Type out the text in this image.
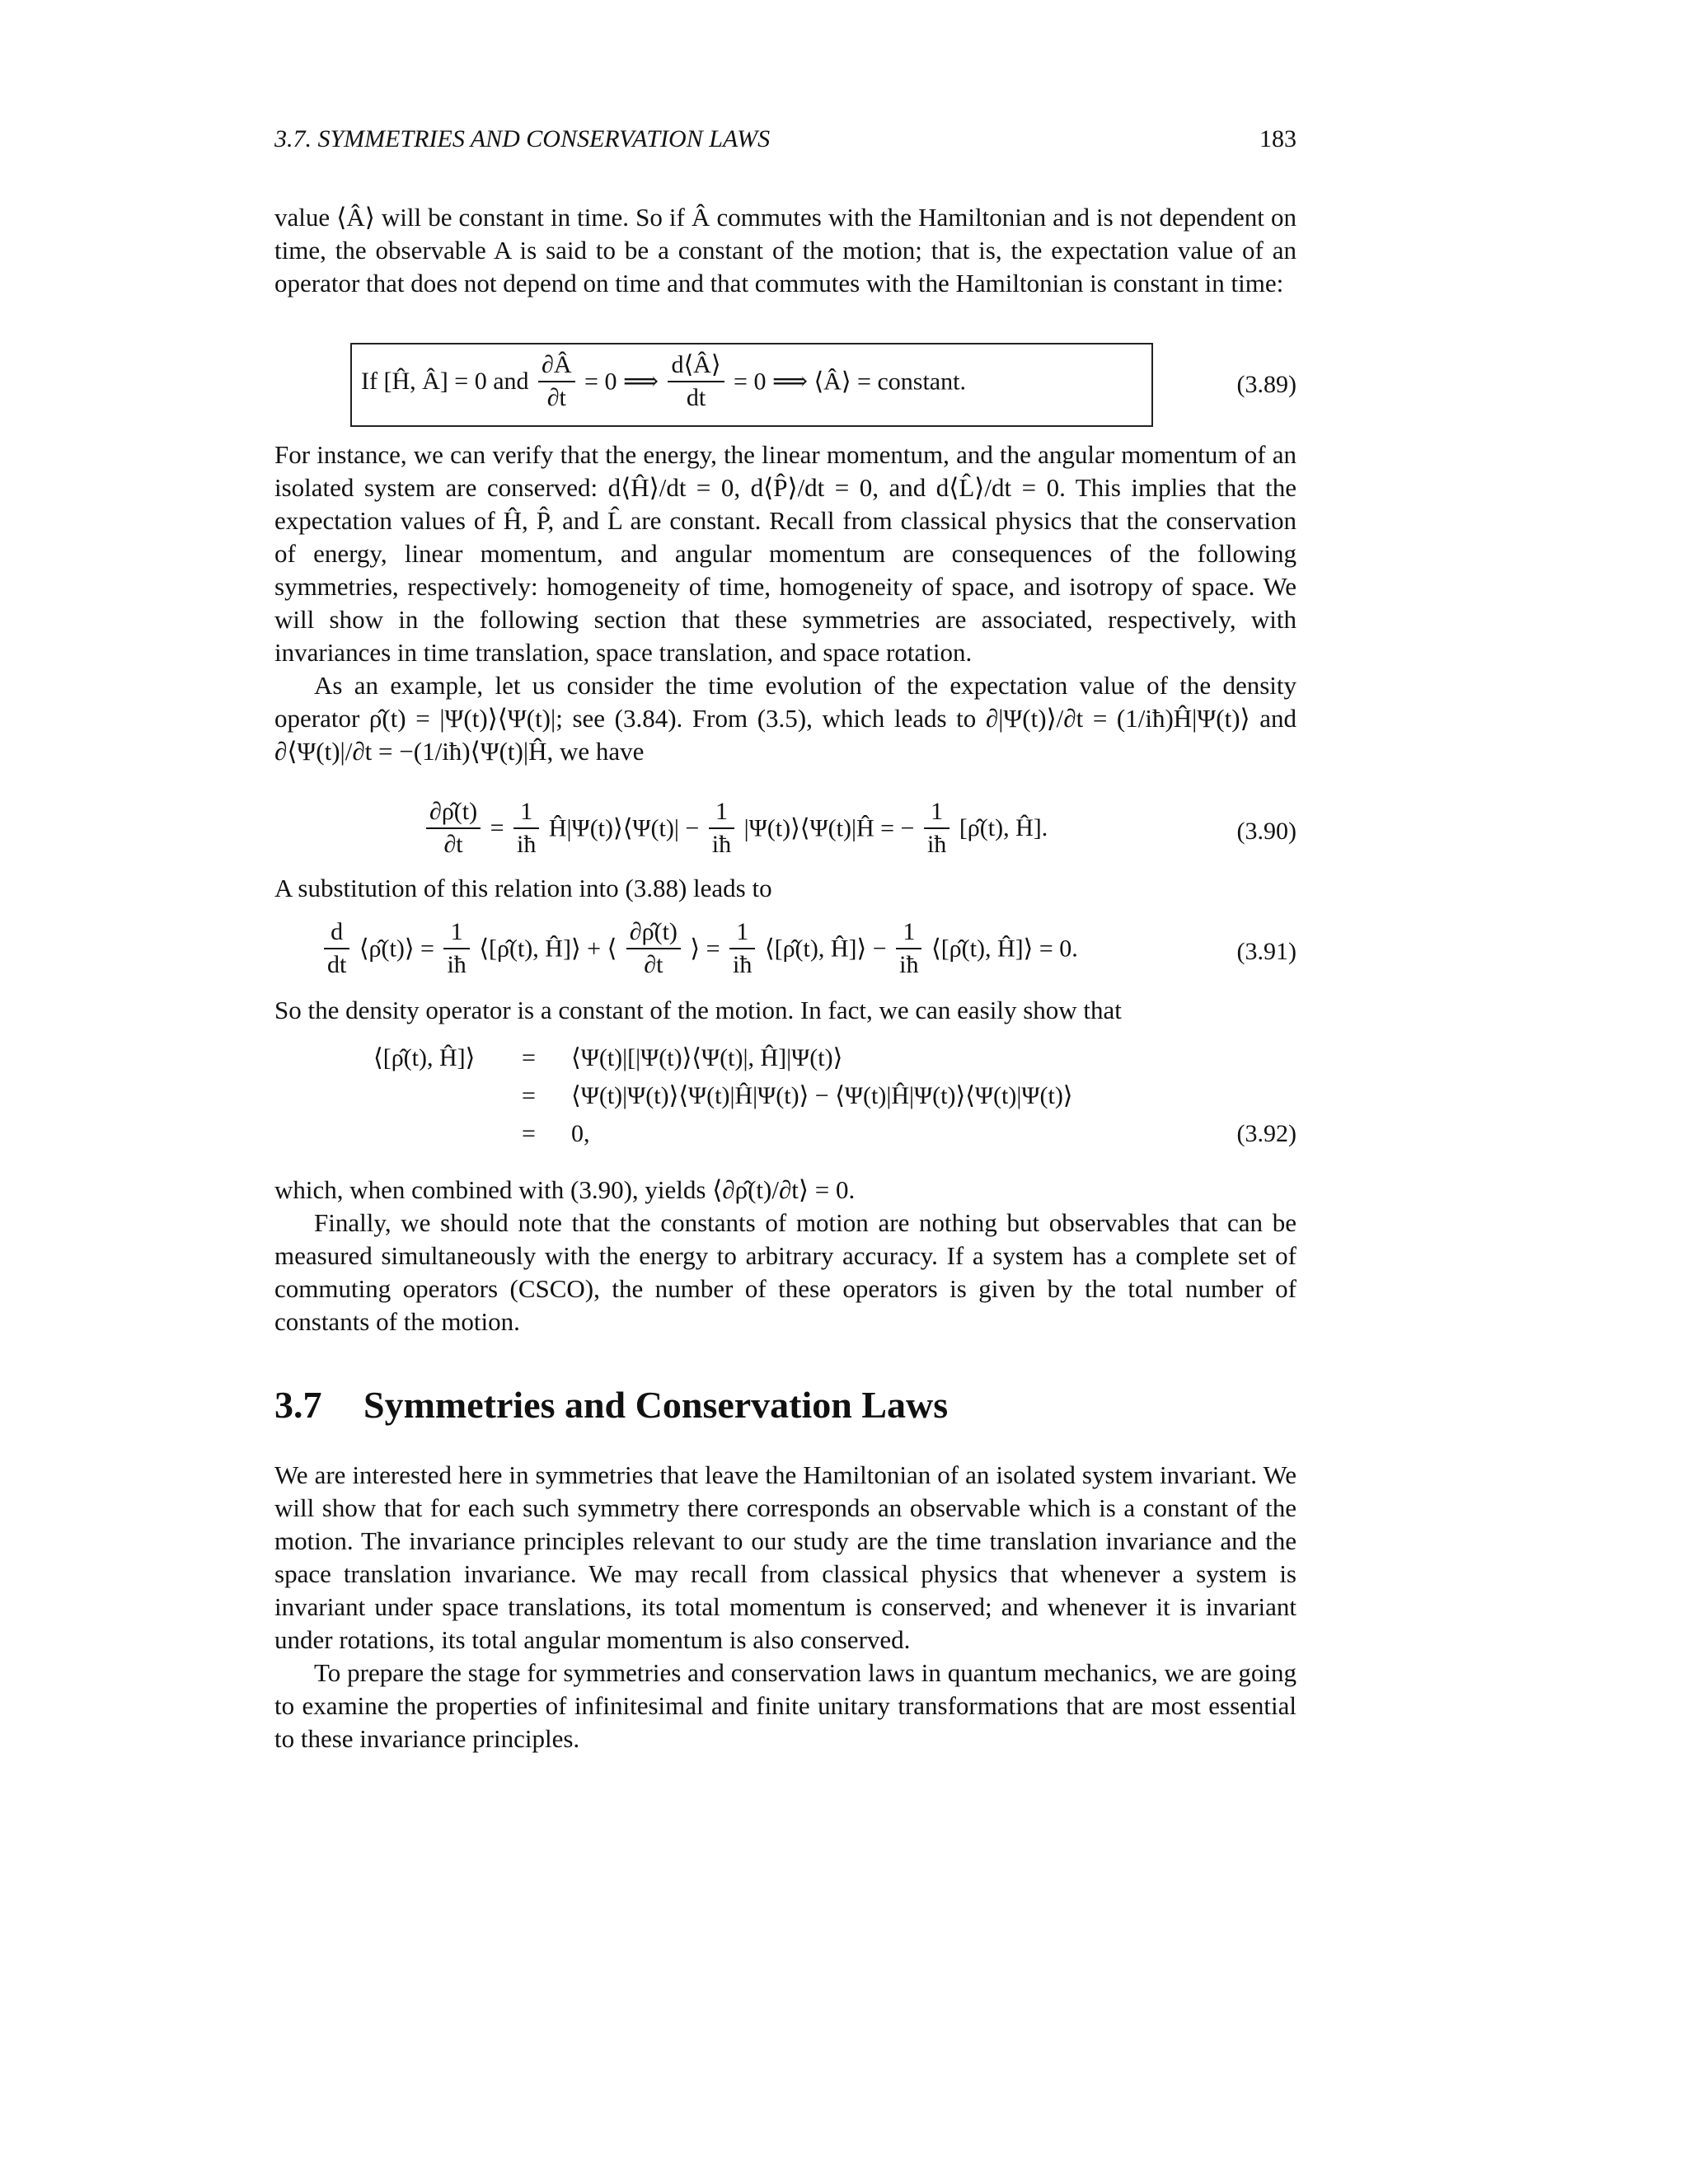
3.7. SYMMETRIES AND CONSERVATION LAWS	183

value ⟨Â⟩ will be constant in time. So if Â commutes with the Hamiltonian and is not dependent on time, the observable A is said to be a constant of the motion; that is, the expectation value of an operator that does not depend on time and that commutes with the Hamiltonian is constant in time:

If [Ĥ, Â] = 0 and $\frac{\partial Â}{\partial t} = 0$ ⟹ $\frac{d⟨Â⟩}{dt} = 0$ ⟹ ⟨Â⟩ = constant.	(3.89)

For instance, we can verify that the energy, the linear momentum, and the angular momentum of an isolated system are conserved: d⟨Ĥ⟩/dt = 0, d⟨P̂⟩/dt = 0, and d⟨L̂⟩/dt = 0. This implies that the expectation values of Ĥ, P̂, and L̂ are constant. Recall from classical physics that the conservation of energy, linear momentum, and angular momentum are consequences of the following symmetries, respectively: homogeneity of time, homogeneity of space, and isotropy of space. We will show in the following section that these symmetries are associated, respectively, with invariances in time translation, space translation, and space rotation.

As an example, let us consider the time evolution of the expectation value of the density operator ρ̂(t) = |Ψ(t)⟩⟨Ψ(t)|; see (3.84). From (3.5), which leads to ∂|Ψ(t)⟩/∂t = (1/iħ)Ĥ|Ψ(t)⟩ and ∂⟨Ψ(t)|/∂t = −(1/iħ)⟨Ψ(t)|Ĥ, we have

$\frac{\partial\rhô(t)}{\partial t} = \frac{1}{iħ}$ Ĥ|Ψ(t)⟩⟨Ψ(t)| − $\frac{1}{iħ}$ |Ψ(t)⟩⟨Ψ(t)|Ĥ = − $\frac{1}{iħ}$ [ρ̂(t), Ĥ].	(3.90)

A substitution of this relation into (3.88) leads to

$\frac{d}{dt}$ ⟨ρ̂(t)⟩ = $\frac{1}{iħ}$ ⟨[ρ̂(t), Ĥ]⟩ + ⟨ $\frac{\partial\rhô(t)}{\partial t}$ ⟩ = $\frac{1}{iħ}$ ⟨[ρ̂(t), Ĥ]⟩ − $\frac{1}{iħ}$ ⟨[ρ̂(t), Ĥ]⟩ = 0.	(3.91)

So the density operator is a constant of the motion. In fact, we can easily show that

⟨[ρ̂(t), Ĥ]⟩ = ⟨Ψ(t)|[|Ψ(t)⟩⟨Ψ(t)|, Ĥ]|Ψ(t)⟩
= ⟨Ψ(t)|Ψ(t)⟩⟨Ψ(t)|Ĥ|Ψ(t)⟩ − ⟨Ψ(t)|Ĥ|Ψ(t)⟩⟨Ψ(t)|Ψ(t)⟩
= 0,	(3.92)

which, when combined with (3.90), yields ⟨∂ρ̂(t)/∂t⟩ = 0.

Finally, we should note that the constants of motion are nothing but observables that can be measured simultaneously with the energy to arbitrary accuracy. If a system has a complete set of commuting operators (CSCO), the number of these operators is given by the total number of constants of the motion.

3.7 Symmetries and Conservation Laws

We are interested here in symmetries that leave the Hamiltonian of an isolated system invariant. We will show that for each such symmetry there corresponds an observable which is a constant of the motion. The invariance principles relevant to our study are the time translation invariance and the space translation invariance. We may recall from classical physics that whenever a system is invariant under space translations, its total momentum is conserved; and whenever it is invariant under rotations, its total angular momentum is also conserved.

To prepare the stage for symmetries and conservation laws in quantum mechanics, we are going to examine the properties of infinitesimal and finite unitary transformations that are most essential to these invariance principles.
